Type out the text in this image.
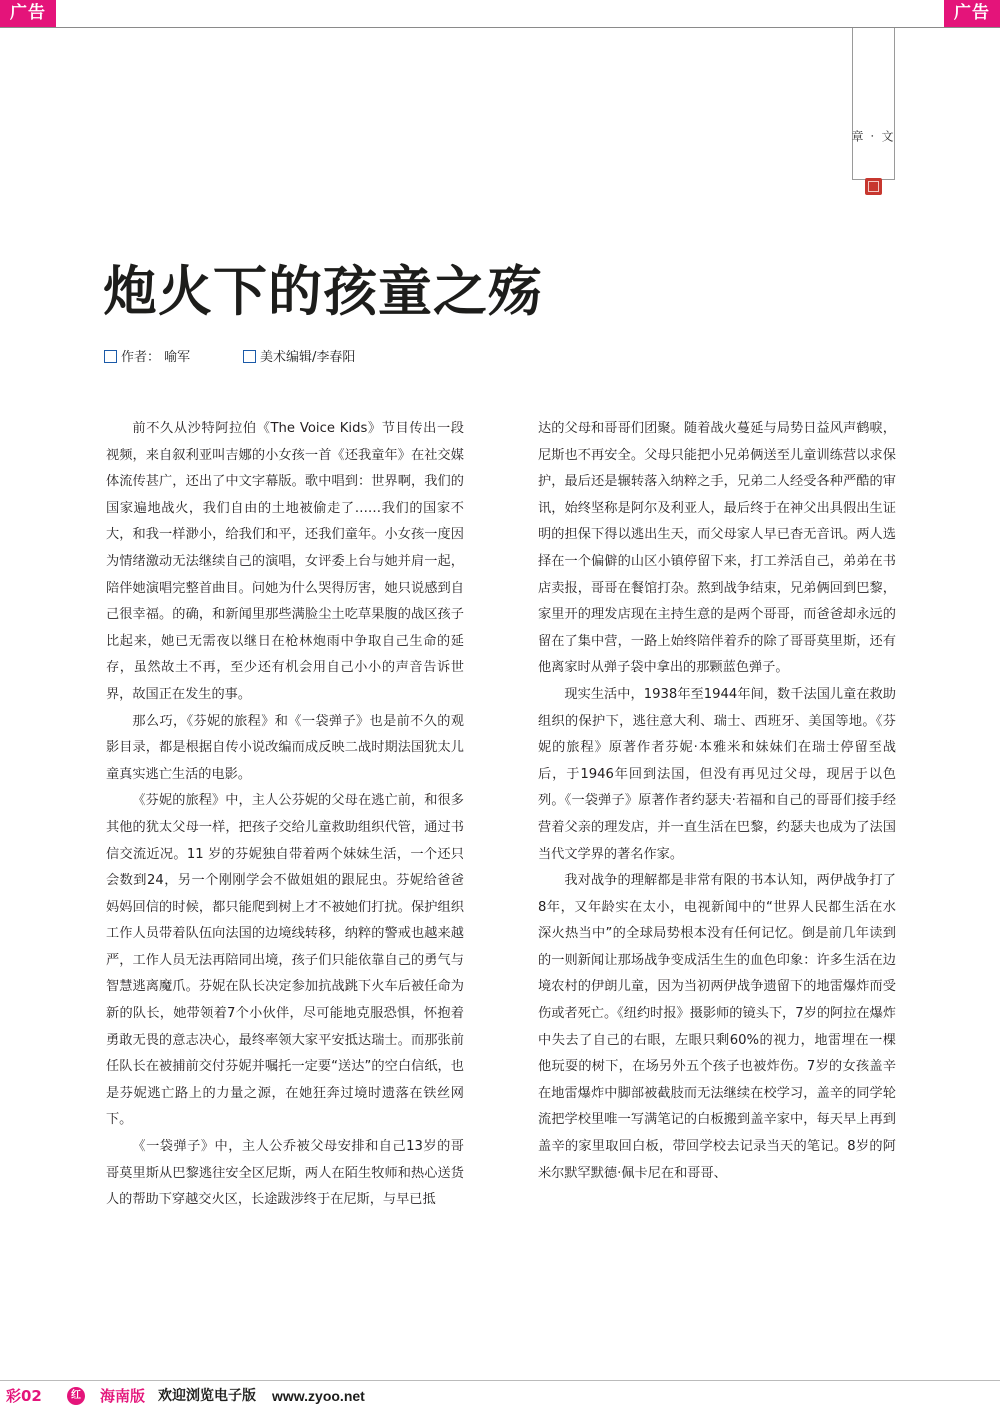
广告	广告
文
·
章
炮火下的孩童之殇
作者： 喻军	美术编辑/李春阳

前不久从沙特阿拉伯《The Voice Kids》节目传出一段视频，来自叙利亚叫吉娜的小女孩一首《还我童年》在社交媒体流传甚广，还出了中文字幕版。歌中唱到：世界啊，我们的国家遍地战火，我们自由的土地被偷走了……我们的国家不大，和我一样渺小，给我们和平，还我们童年。小女孩一度因为情绪激动无法继续自己的演唱，女评委上台与她并肩一起，陪伴她演唱完整首曲目。问她为什么哭得厉害，她只说感到自己很幸福。的确，和新闻里那些满脸尘土吃草果腹的战区孩子比起来，她已无需夜以继日在枪林炮雨中争取自己生命的延存，虽然故土不再，至少还有机会用自己小小的声音告诉世界，故国正在发生的事。

那么巧，《芬妮的旅程》和《一袋弹子》也是前不久的观影目录，都是根据自传小说改编而成反映二战时期法国犹太儿童真实逃亡生活的电影。

《芬妮的旅程》中，主人公芬妮的父母在逃亡前，和很多其他的犹太父母一样，把孩子交给儿童救助组织代管，通过书信交流近况。11 岁的芬妮独自带着两个妹妹生活，一个还只会数到24，另一个刚刚学会不做姐姐的跟屁虫。芬妮给爸爸妈妈回信的时候，都只能爬到树上才不被她们打扰。保护组织工作人员带着队伍向法国的边境线转移，纳粹的警戒也越来越严，工作人员无法再陪同出境，孩子们只能依靠自己的勇气与智慧逃离魔爪。芬妮在队长决定参加抗战跳下火车后被任命为新的队长，她带领着7个小伙伴，尽可能地克服恐惧，怀抱着勇敢无畏的意志决心，最终率领大家平安抵达瑞士。而那张前任队长在被捕前交付芬妮并嘱托一定要“送达”的空白信纸，也是芬妮逃亡路上的力量之源，在她狂奔过境时遗落在铁丝网下。

《一袋弹子》中，主人公乔被父母安排和自己13岁的哥哥莫里斯从巴黎逃往安全区尼斯，两人在陌生牧师和热心送货人的帮助下穿越交火区，长途跋涉终于在尼斯，与早已抵

达的父母和哥哥们团聚。随着战火蔓延与局势日益风声鹤唳，尼斯也不再安全。父母只能把小兄弟俩送至儿童训练营以求保护，最后还是辗转落入纳粹之手，兄弟二人经受各种严酷的审讯，始终坚称是阿尔及利亚人，最后终于在神父出具假出生证明的担保下得以逃出生天，而父母家人早已杳无音讯。两人选择在一个偏僻的山区小镇停留下来，打工养活自己，弟弟在书店卖报，哥哥在餐馆打杂。熬到战争结束，兄弟俩回到巴黎，家里开的理发店现在主持生意的是两个哥哥，而爸爸却永远的留在了集中营，一路上始终陪伴着乔的除了哥哥莫里斯，还有他离家时从弹子袋中拿出的那颗蓝色弹子。

现实生活中，1938年至1944年间，数千法国儿童在救助组织的保护下，逃往意大利、瑞士、西班牙、美国等地。《芬妮的旅程》原著作者芬妮·本雅米和妹妹们在瑞士停留至战后，于1946年回到法国，但没有再见过父母，现居于以色列。《一袋弹子》原著作者约瑟夫·若福和自己的哥哥们接手经营着父亲的理发店，并一直生活在巴黎，约瑟夫也成为了法国当代文学界的著名作家。

我对战争的理解都是非常有限的书本认知，两伊战争打了8年，又年龄实在太小，电视新闻中的“世界人民都生活在水深火热当中”的全球局势根本没有任何记忆。倒是前几年读到的一则新闻让那场战争变成活生生的血色印象：许多生活在边境农村的伊朗儿童，因为当初两伊战争遗留下的地雷爆炸而受伤或者死亡。《纽约时报》摄影师的镜头下，7岁的阿拉在爆炸中失去了自己的右眼，左眼只剩60%的视力，地雷埋在一棵他玩耍的树下，在场另外五个孩子也被炸伤。7岁的女孩盖辛在地雷爆炸中脚部被截肢而无法继续在校学习，盖辛的同学轮流把学校里唯一写满笔记的白板搬到盖辛家中，每天早上再到盖辛的家里取回白板，带回学校去记录当天的笔记。8岁的阿米尔默罕默德·佩卡尼在和哥哥、

彩02	红 海南版 欢迎浏览电子版 www.zyoo.net
